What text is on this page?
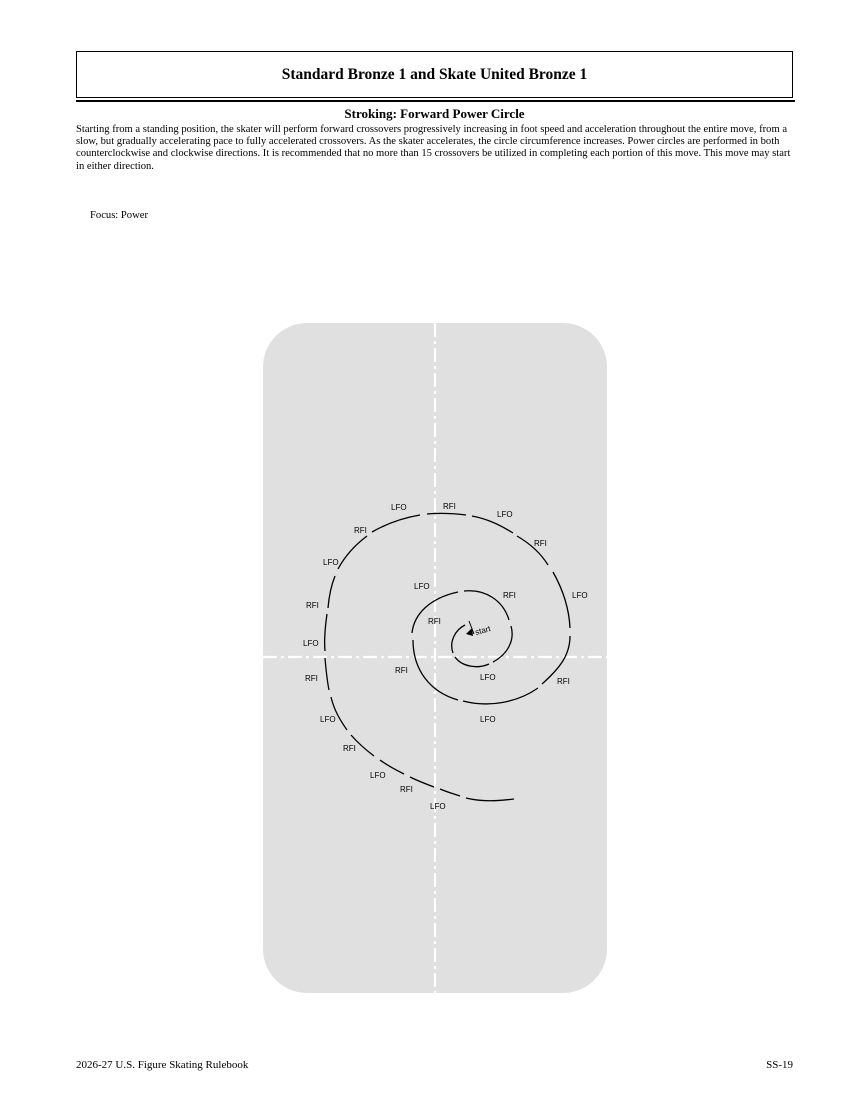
Standard Bronze 1 and Skate United Bronze 1
Stroking: Forward Power Circle

Starting from a standing position, the skater will perform forward crossovers progressively increasing in foot speed and acceleration throughout the entire move, from a slow, but gradually accelerating pace to fully accelerated crossovers. As the skater accelerates, the circle circumference increases. Power circles are performed in both counterclockwise and clockwise directions. It is recommended that no more than 15 crossovers be utilized in completing each portion of this move. This move may start in either direction.

Focus: Power
start
RFI
LFO
RFI
LFO
RFI
LFO
RFI
LFO
RFI
LFO
RFI
LFO
RFI
LFO
RFI
LFO
RFI
LFO
RFI
LFO
RFI
LFO
2026-27 U.S. Figure Skating Rulebook	SS-19
